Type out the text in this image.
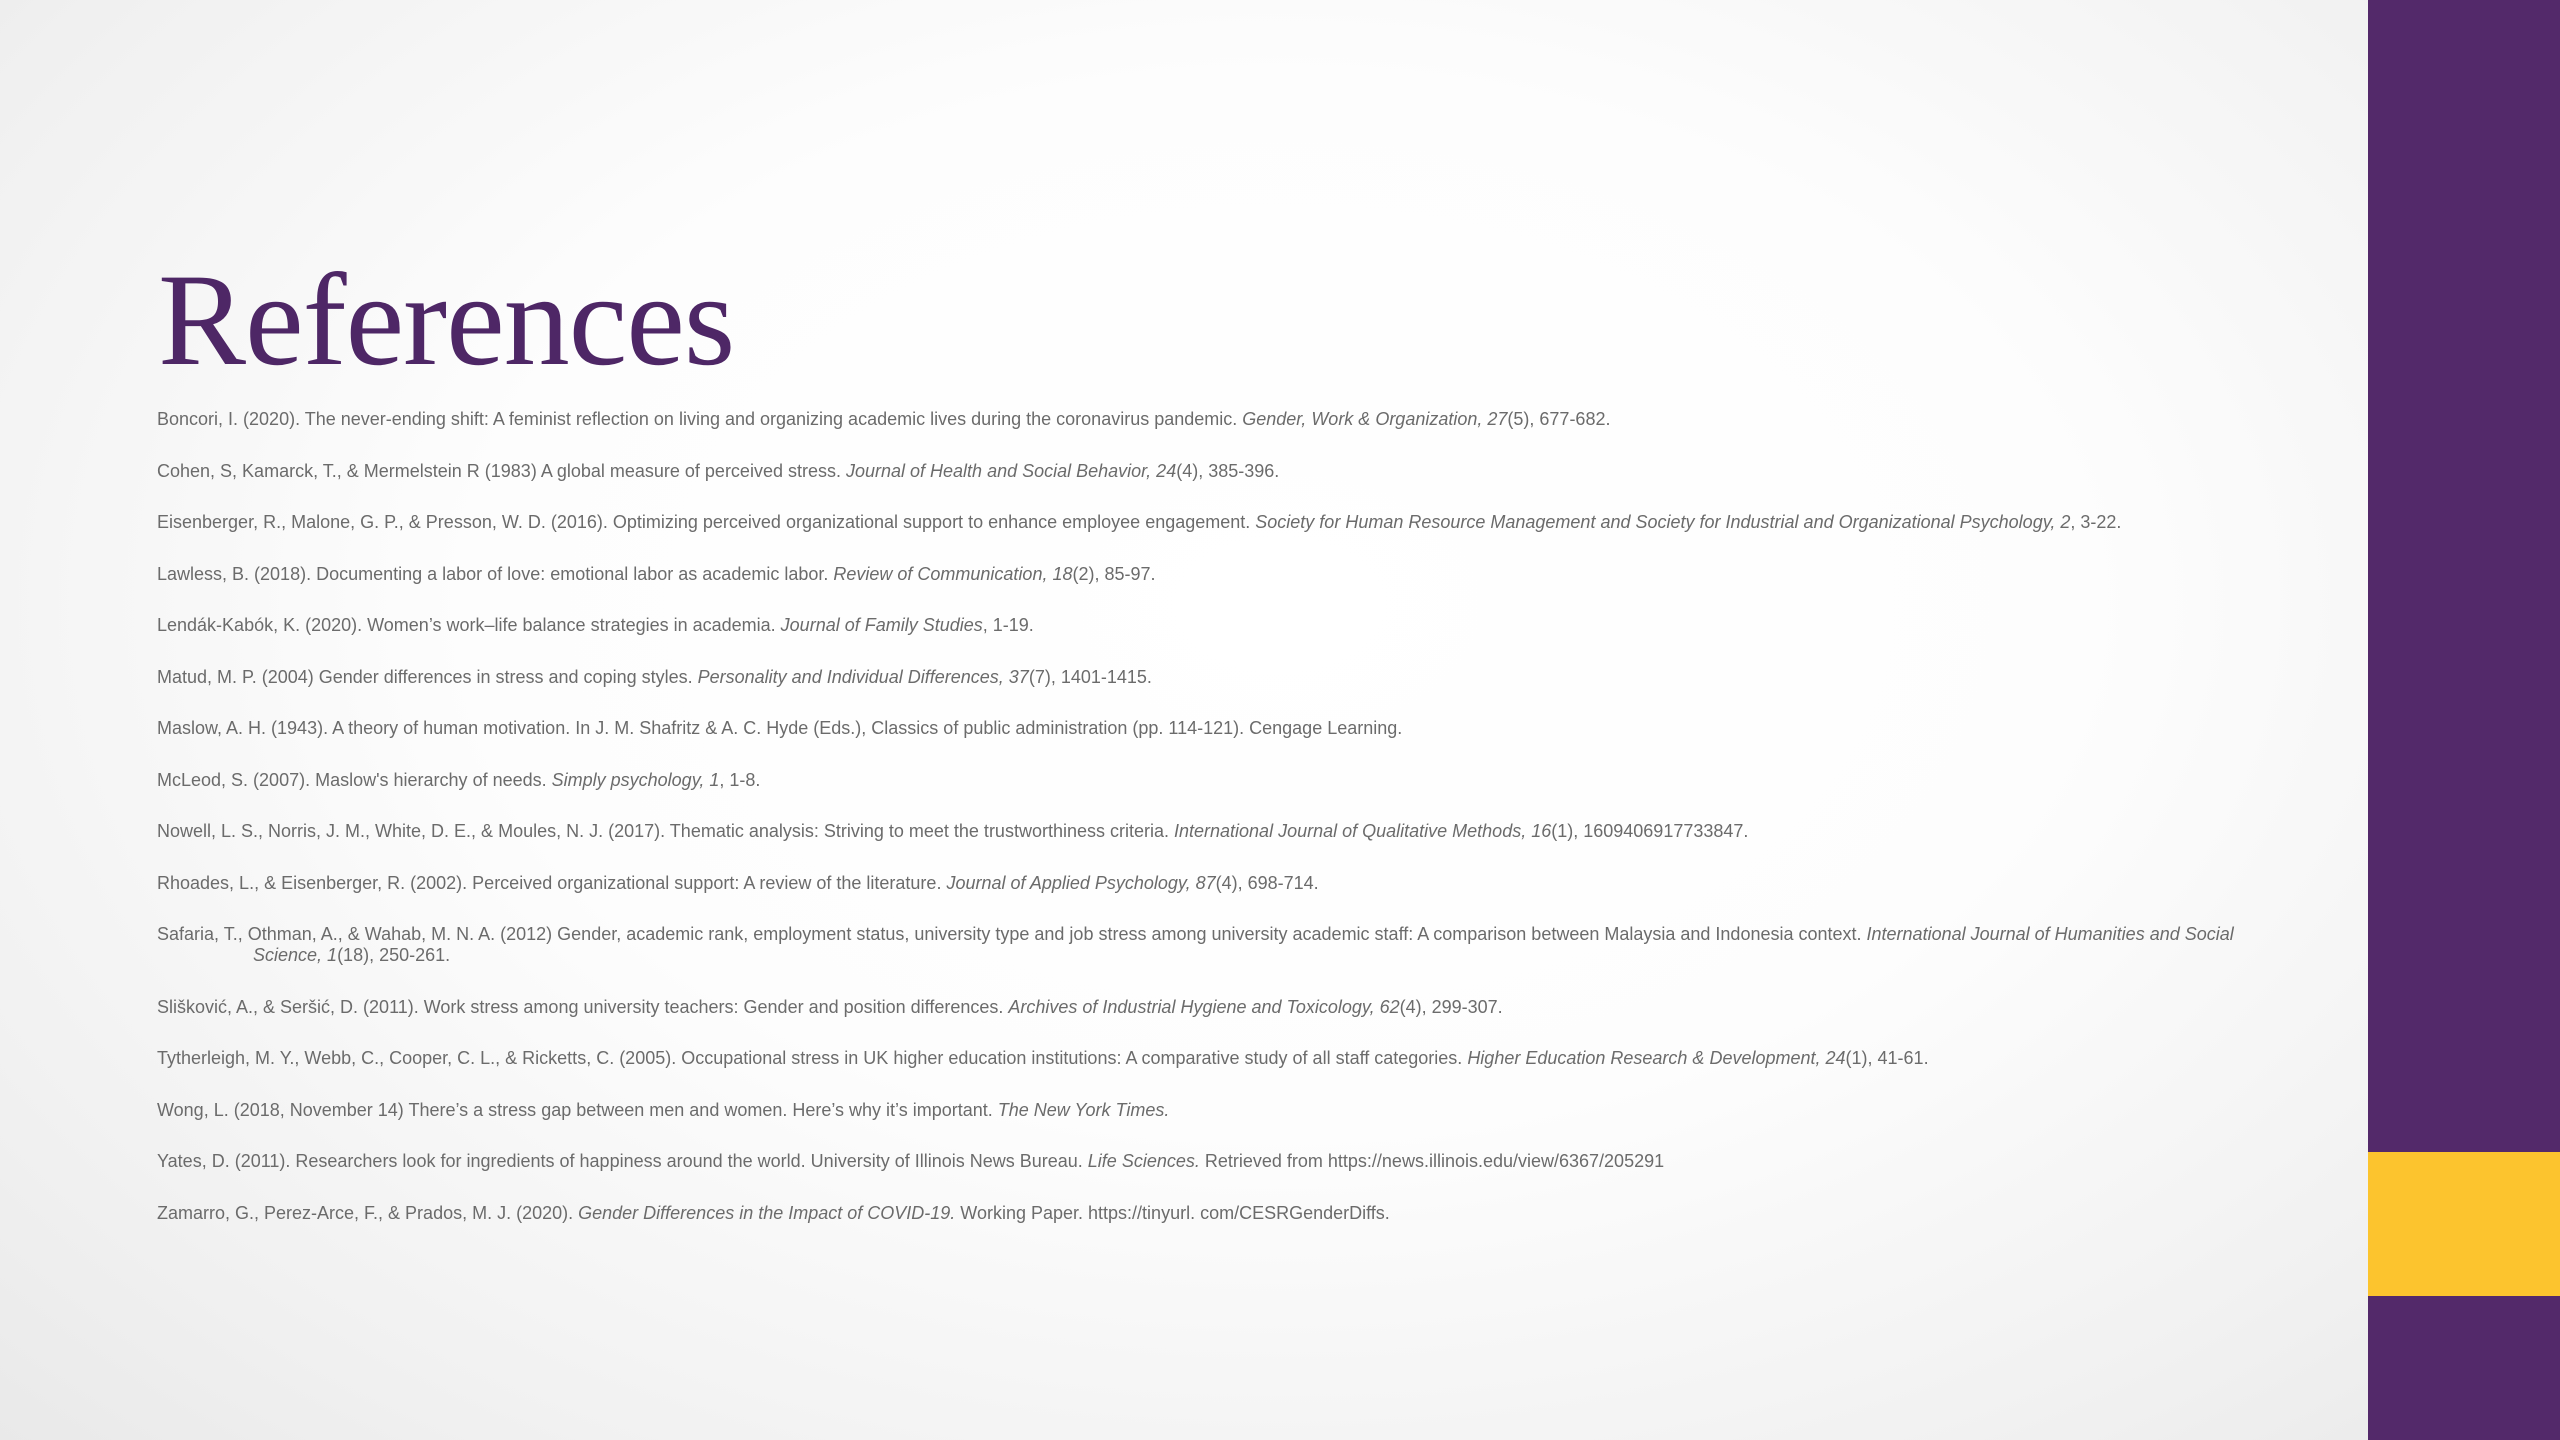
References
Boncori, I. (2020). The never-ending shift: A feminist reflection on living and organizing academic lives during the coronavirus pandemic. Gender, Work & Organization, 27(5), 677-682.
Cohen, S, Kamarck, T., & Mermelstein R (1983) A global measure of perceived stress. Journal of Health and Social Behavior, 24(4), 385-396.
Eisenberger, R., Malone, G. P., & Presson, W. D. (2016). Optimizing perceived organizational support to enhance employee engagement. Society for Human Resource Management and Society for Industrial and Organizational Psychology, 2, 3-22.
Lawless, B. (2018). Documenting a labor of love: emotional labor as academic labor. Review of Communication, 18(2), 85-97.
Lendák-Kabók, K. (2020). Women’s work–life balance strategies in academia. Journal of Family Studies, 1-19.
Matud, M. P. (2004) Gender differences in stress and coping styles. Personality and Individual Differences, 37(7), 1401-1415.
Maslow, A. H. (1943). A theory of human motivation. In J. M. Shafritz & A. C. Hyde (Eds.), Classics of public administration (pp. 114-121). Cengage Learning.
McLeod, S. (2007). Maslow's hierarchy of needs. Simply psychology, 1, 1-8.
Nowell, L. S., Norris, J. M., White, D. E., & Moules, N. J. (2017). Thematic analysis: Striving to meet the trustworthiness criteria. International Journal of Qualitative Methods, 16(1), 1609406917733847.
Rhoades, L., & Eisenberger, R. (2002). Perceived organizational support: A review of the literature. Journal of Applied Psychology, 87(4), 698-714.
Safaria, T., Othman, A., & Wahab, M. N. A. (2012) Gender, academic rank, employment status, university type and job stress among university academic staff: A comparison between Malaysia and Indonesia context. International Journal of Humanities and Social Science, 1(18), 250-261.
Slišković, A., & Seršić, D. (2011). Work stress among university teachers: Gender and position differences. Archives of Industrial Hygiene and Toxicology, 62(4), 299-307.
Tytherleigh, M. Y., Webb, C., Cooper, C. L., & Ricketts, C. (2005). Occupational stress in UK higher education institutions: A comparative study of all staff categories. Higher Education Research & Development, 24(1), 41-61.
Wong, L. (2018, November 14) There’s a stress gap between men and women. Here’s why it’s important. The New York Times.
Yates, D. (2011). Researchers look for ingredients of happiness around the world. University of Illinois News Bureau. Life Sciences. Retrieved from https://news.illinois.edu/view/6367/205291
Zamarro, G., Perez-Arce, F., & Prados, M. J. (2020). Gender Differences in the Impact of COVID-19. Working Paper. https://tinyurl. com/CESRGenderDiffs.
